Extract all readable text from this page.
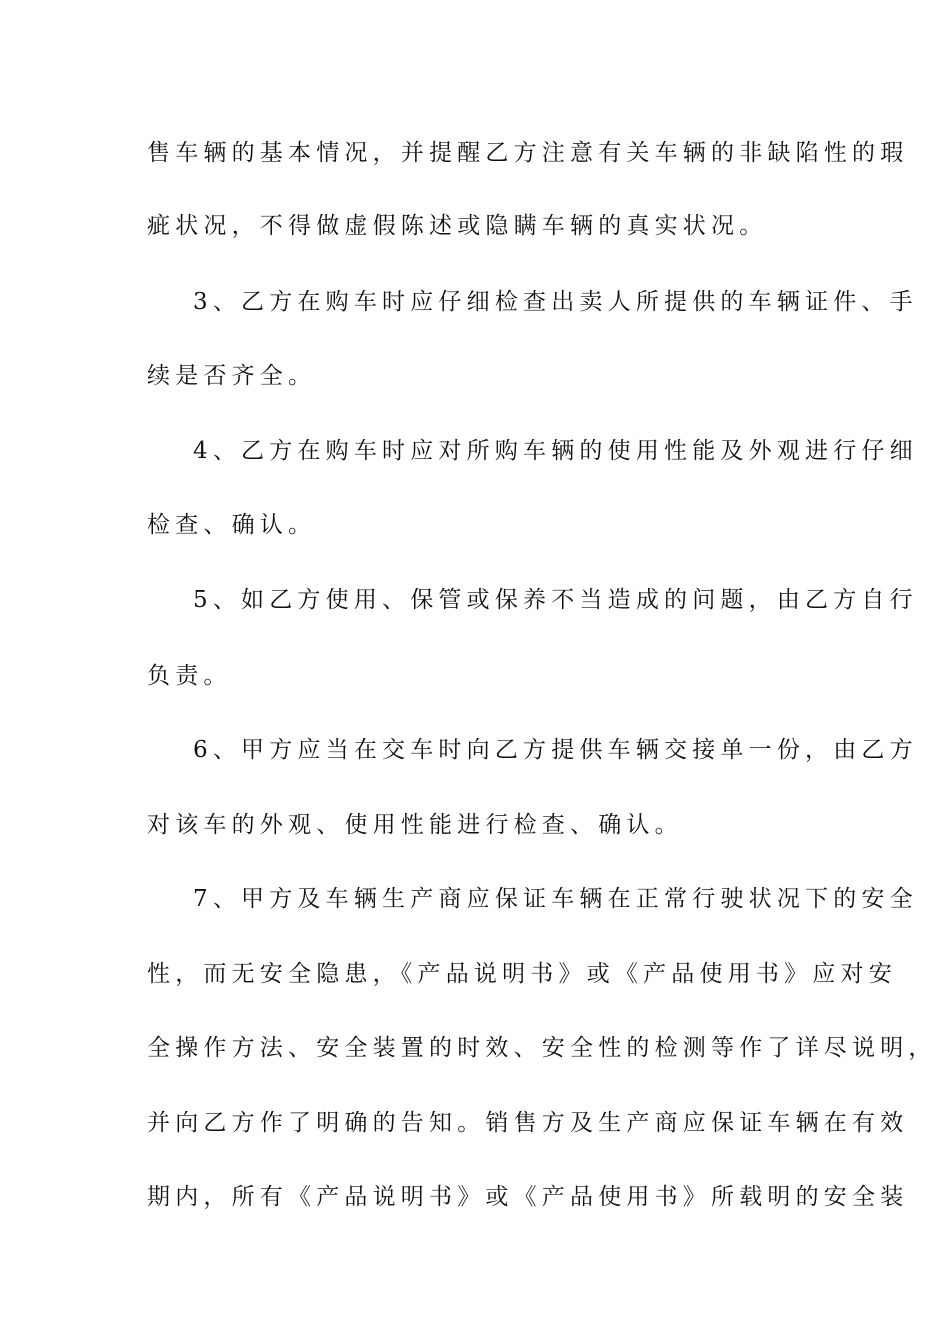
售车辆的基本情况，并提醒乙方注意有关车辆的非缺陷性的瑕
疵状况，不得做虚假陈述或隐瞒车辆的真实状况。
3、乙方在购车时应仔细检查出卖人所提供的车辆证件、手
续是否齐全。
4、乙方在购车时应对所购车辆的使用性能及外观进行仔细
检查、确认。
5、如乙方使用、保管或保养不当造成的问题，由乙方自行
负责。
6、甲方应当在交车时向乙方提供车辆交接单一份，由乙方
对该车的外观、使用性能进行检查、确认。
7、甲方及车辆生产商应保证车辆在正常行驶状况下的安全
性，而无安全隐患，《产品说明书》或《产品使用书》应对安
全操作方法、安全装置的时效、安全性的检测等作了详尽说明，
并向乙方作了明确的告知。销售方及生产商应保证车辆在有效
期内，所有《产品说明书》或《产品使用书》所载明的安全装
